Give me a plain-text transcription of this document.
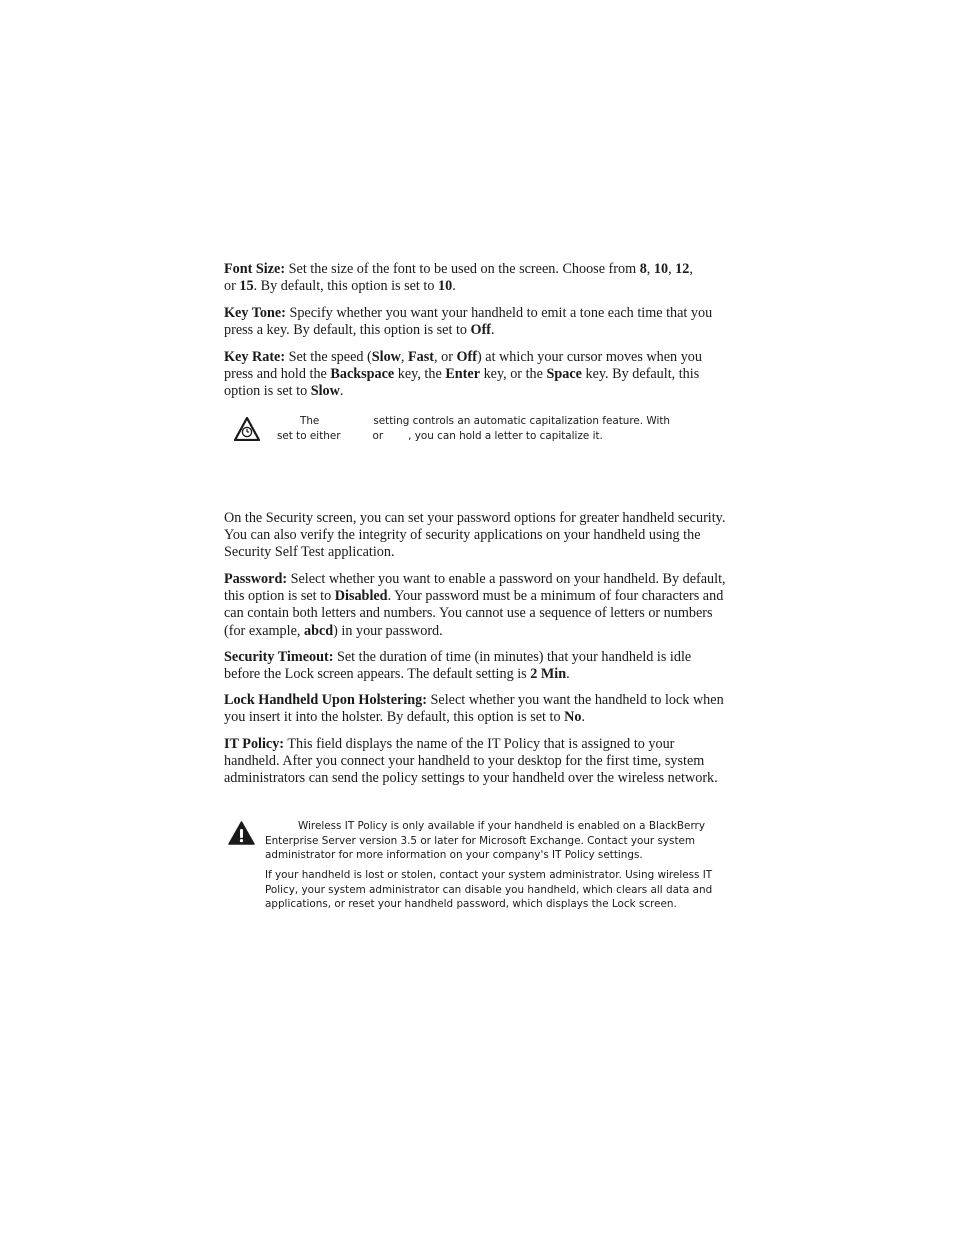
Font Size: Set the size of the font to be used on the screen. Choose from 8, 10, 12,
or 15. By default, this option is set to 10.

Key Tone: Specify whether you want your handheld to emit a tone each time that you press a key. By default, this option is set to Off.

Key Rate: Set the speed (Slow, Fast, or Off) at which your cursor moves when you press and hold the Backspace key, the Enter key, or the Space key. By default, this option is set to Slow.

The	setting controls an automatic capitalization feature. With

set to either	or , you can hold a letter to capitalize it.

On the Security screen, you can set your password options for greater handheld security. You can also verify the integrity of security applications on your handheld using the Security Self Test application.

Password: Select whether you want to enable a password on your handheld. By default, this option is set to Disabled. Your password must be a minimum of four characters and can contain both letters and numbers. You cannot use a sequence of letters or numbers (for example, abcd) in your password.

Security Timeout: Set the duration of time (in minutes) that your handheld is idle before the Lock screen appears. The default setting is 2 Min.

Lock Handheld Upon Holstering: Select whether you want the handheld to lock when you insert it into the holster. By default, this option is set to No.

IT Policy: This field displays the name of the IT Policy that is assigned to your handheld. After you connect your handheld to your desktop for the first time, system administrators can send the policy settings to your handheld over the wireless network.

Wireless IT Policy is only available if your handheld is enabled on a BlackBerry Enterprise Server version 3.5 or later for Microsoft Exchange. Contact your system administrator for more information on your company's IT Policy settings.

If your handheld is lost or stolen, contact your system administrator. Using wireless IT Policy, your system administrator can disable you handheld, which clears all data and applications, or reset your handheld password, which displays the Lock screen.
